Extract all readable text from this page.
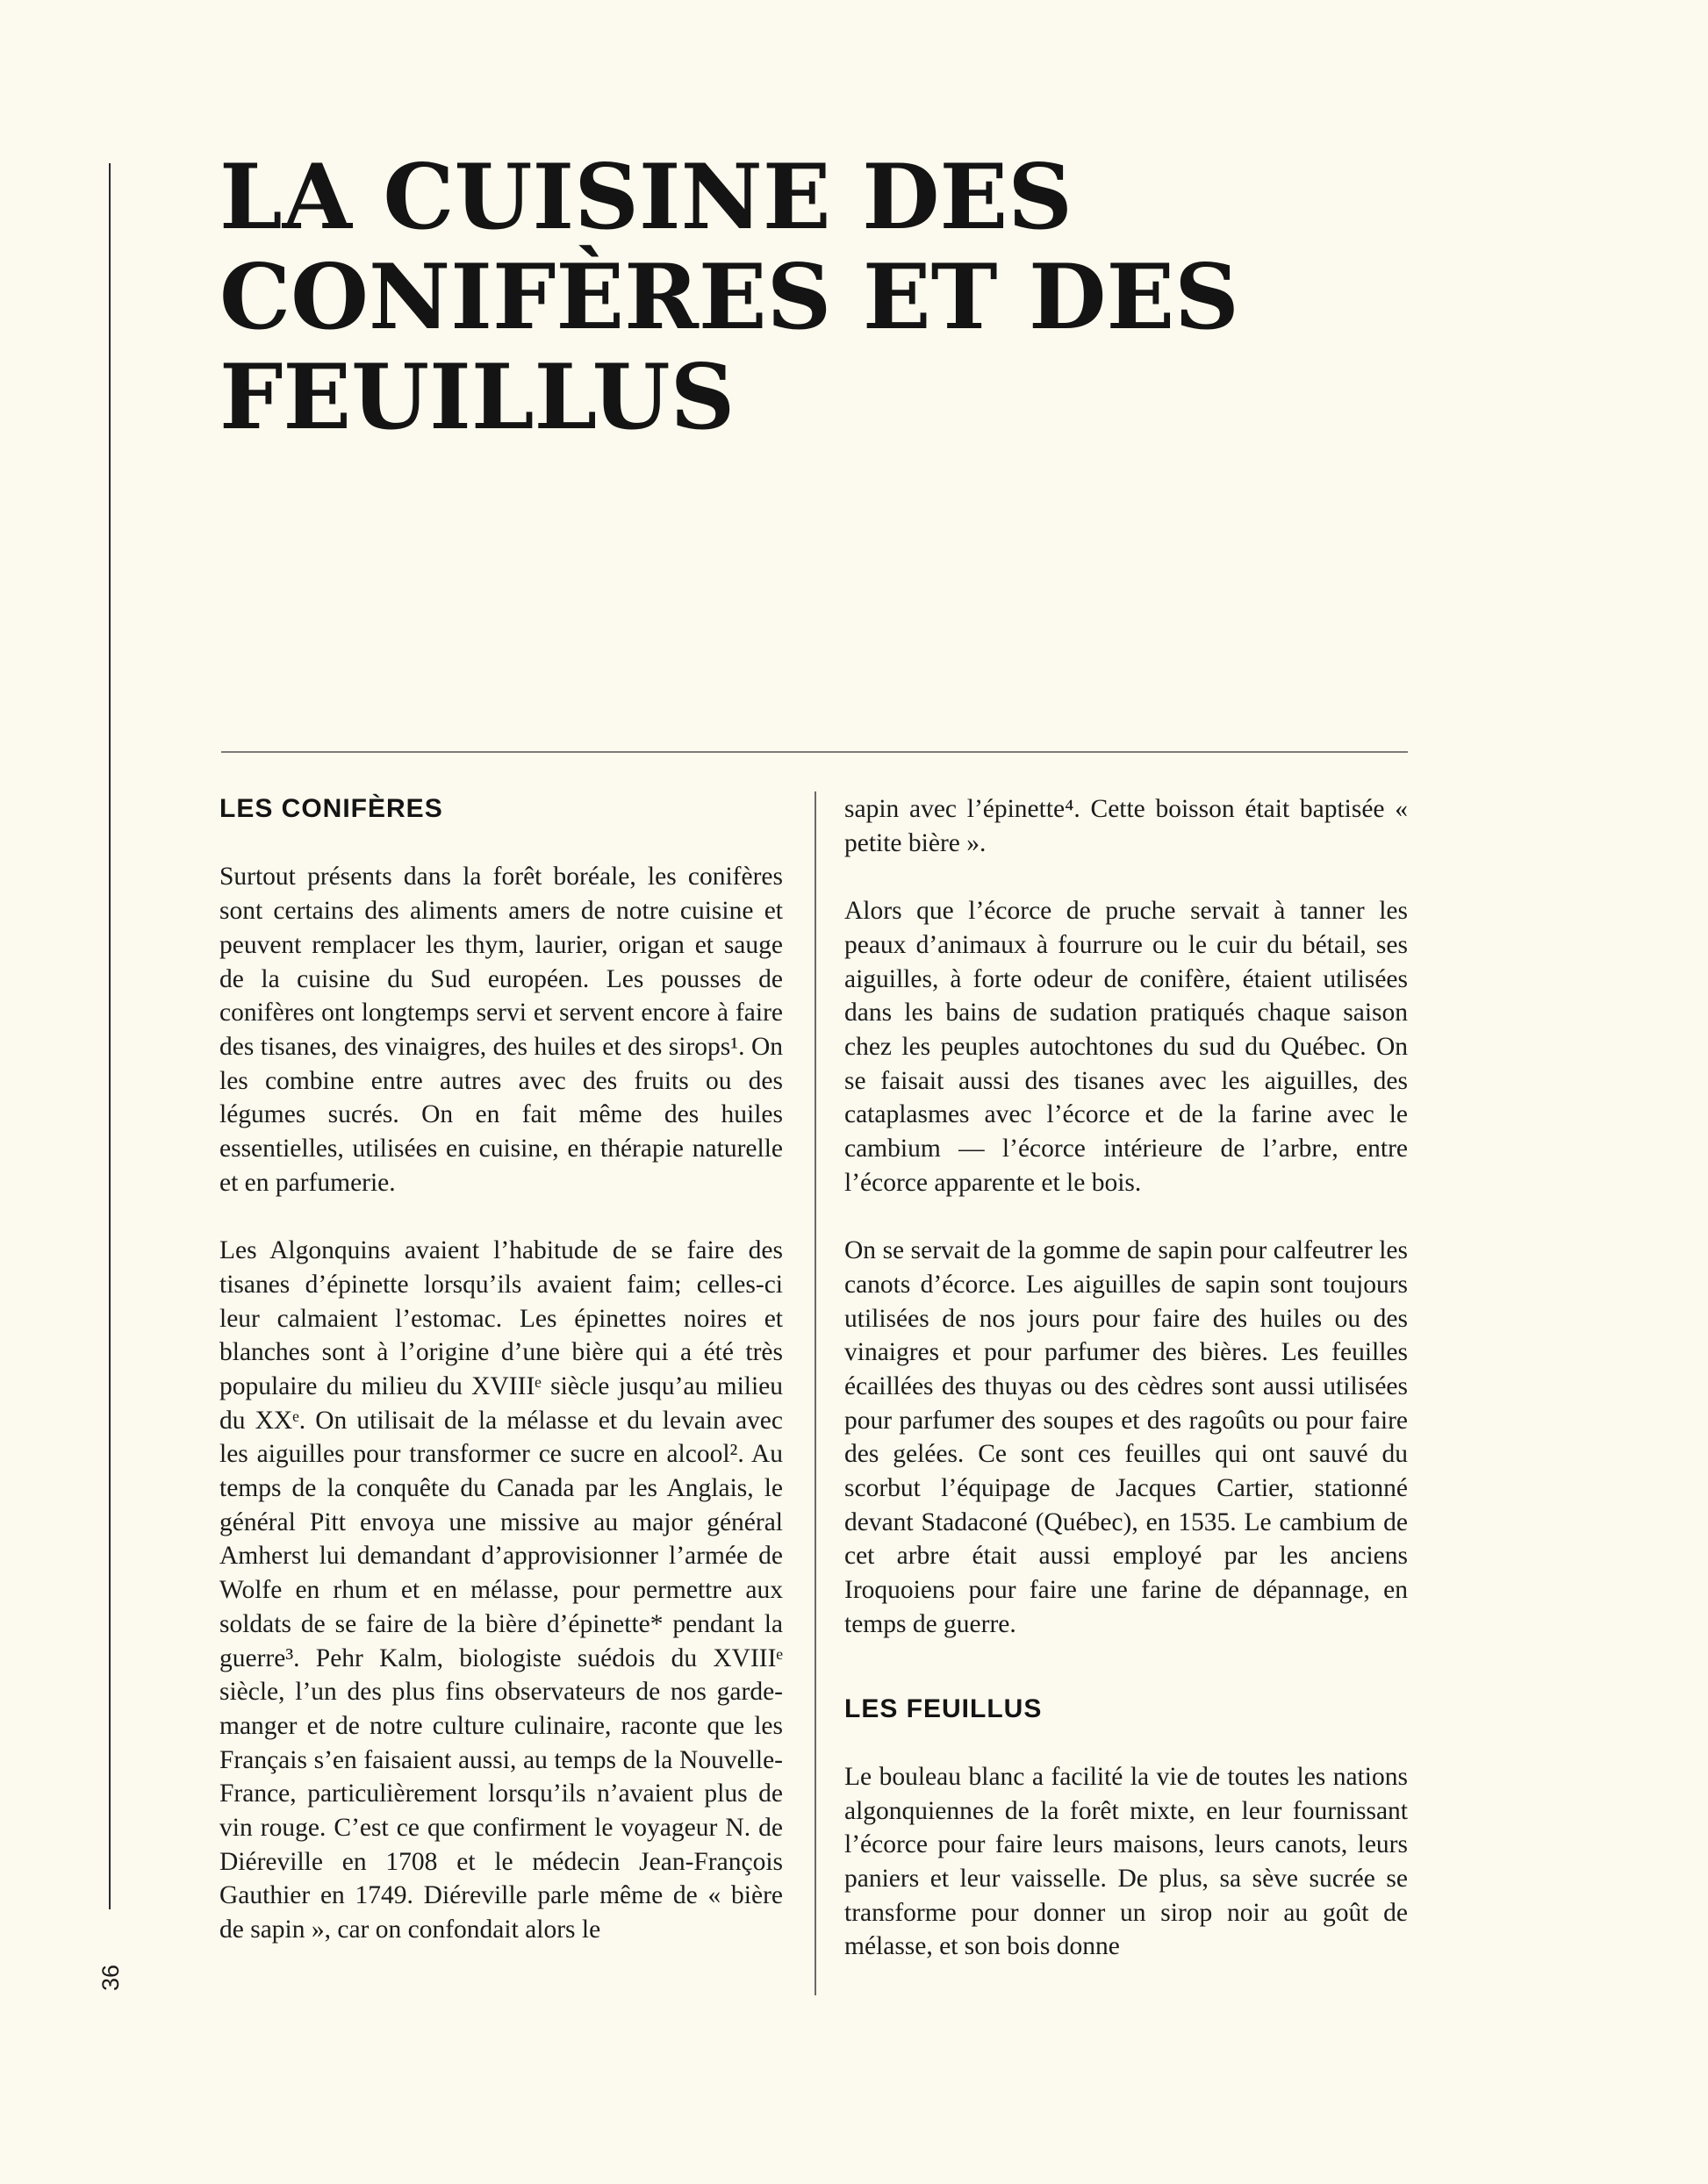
36
LA CUISINE DES
CONIFÈRES ET DES
FEUILLUS
LES CONIFÈRES

Surtout présents dans la forêt boréale, les conifères sont certains des aliments amers de notre cuisine et peuvent remplacer les thym, laurier, origan et sauge de la cuisine du Sud européen. Les pousses de conifères ont longtemps servi et servent encore à faire des tisanes, des vinaigres, des huiles et des sirops¹. On les combine entre autres avec des fruits ou des légumes sucrés. On en fait même des huiles essentielles, utilisées en cuisine, en thérapie naturelle et en parfumerie.

Les Algonquins avaient l’habitude de se faire des tisanes d’épinette lorsqu’ils avaient faim; celles-ci leur calmaient l’estomac. Les épinettes noires et blanches sont à l’origine d’une bière qui a été très populaire du milieu du XVIIIᵉ siècle jusqu’au milieu du XXᵉ. On utilisait de la mélasse et du levain avec les aiguilles pour transformer ce sucre en alcool². Au temps de la conquête du Canada par les Anglais, le général Pitt envoya une missive au major général Amherst lui demandant d’approvisionner l’armée de Wolfe en rhum et en mélasse, pour permettre aux soldats de se faire de la bière d’épinette* pendant la guerre³. Pehr Kalm, biologiste suédois du XVIIIᵉ siècle, l’un des plus fins observateurs de nos garde-manger et de notre culture culinaire, raconte que les Français s’en faisaient aussi, au temps de la Nouvelle-France, particulièrement lorsqu’ils n’avaient plus de vin rouge. C’est ce que confirment le voyageur N. de Diéreville en 1708 et le médecin Jean-François Gauthier en 1749. Diéreville parle même de « bière de sapin », car on confondait alors le

sapin avec l’épinette⁴. Cette boisson était baptisée « petite bière ».

Alors que l’écorce de pruche servait à tanner les peaux d’animaux à fourrure ou le cuir du bétail, ses aiguilles, à forte odeur de conifère, étaient utilisées dans les bains de sudation pratiqués chaque saison chez les peuples autochtones du sud du Québec. On se faisait aussi des tisanes avec les aiguilles, des cataplasmes avec l’écorce et de la farine avec le cambium — l’écorce intérieure de l’arbre, entre l’écorce apparente et le bois.

On se servait de la gomme de sapin pour calfeutrer les canots d’écorce. Les aiguilles de sapin sont toujours utilisées de nos jours pour faire des huiles ou des vinaigres et pour parfumer des bières. Les feuilles écaillées des thuyas ou des cèdres sont aussi utilisées pour parfumer des soupes et des ragoûts ou pour faire des gelées. Ce sont ces feuilles qui ont sauvé du scorbut l’équipage de Jacques Cartier, stationné devant Stadaconé (Québec), en 1535. Le cambium de cet arbre était aussi employé par les anciens Iroquoiens pour faire une farine de dépannage, en temps de guerre.

LES FEUILLUS

Le bouleau blanc a facilité la vie de toutes les nations algonquiennes de la forêt mixte, en leur fournissant l’écorce pour faire leurs maisons, leurs canots, leurs paniers et leur vaisselle. De plus, sa sève sucrée se transforme pour donner un sirop noir au goût de mélasse, et son bois donne
